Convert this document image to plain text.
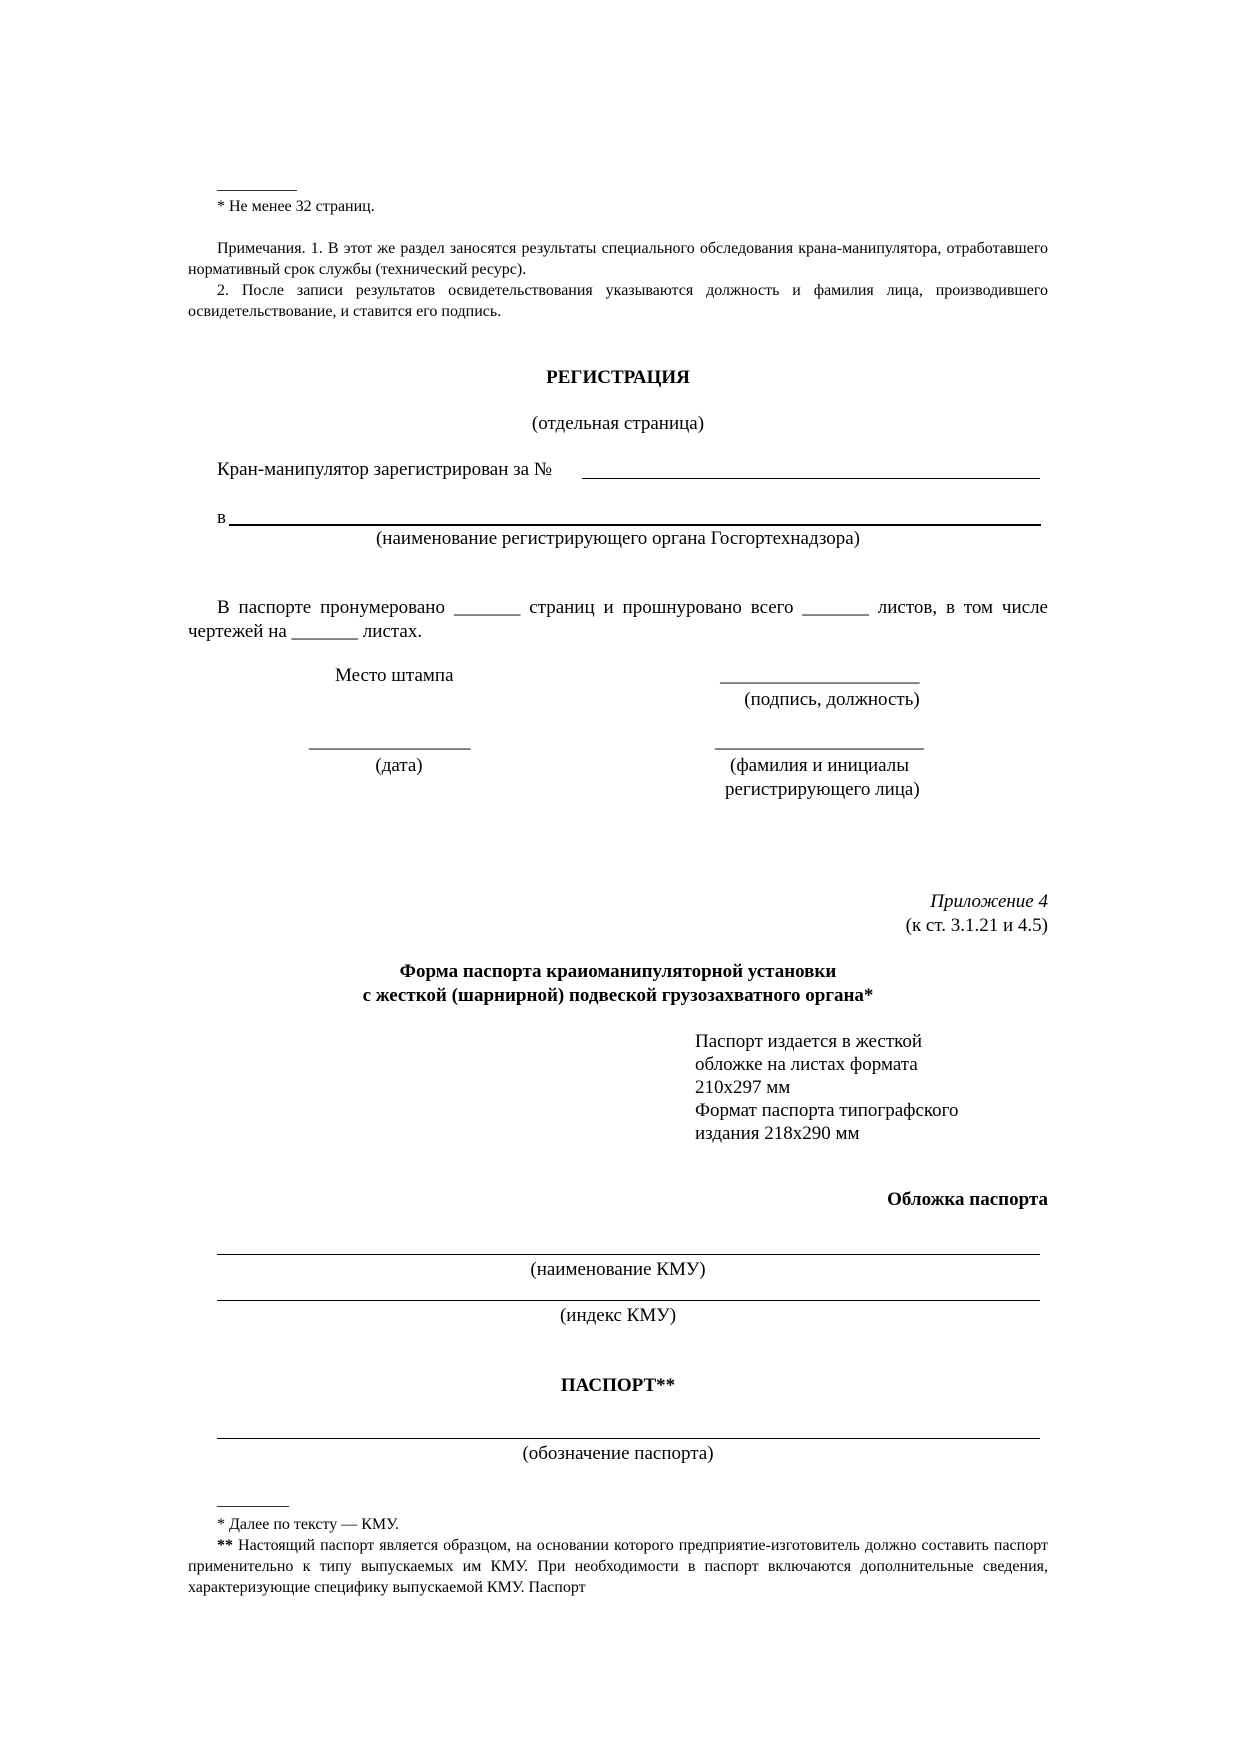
__________
* Не менее 32 страниц.
Примечания. 1. В этот же раздел заносятся результаты специального обследования крана-манипулятора, отработавшего нормативный срок службы (технический ресурс).
2. После записи результатов освидетельствования указываются должность и фамилия лица, производившего освидетельствование, и ставится его подпись.
РЕГИСТРАЦИЯ
(отдельная страница)
Кран-манипулятор зарегистрирован за №
в
(наименование регистрирующего органа Госгортехнадзора)
В паспорте пронумеровано _______ страниц и прошнуровано всего _______ листов, в том числе чертежей на _______ листах.
Место штампа	_____________________
(подпись, должность)
_________________	______________________
(дата)	(фамилия и инициалы
регистрирующего лица)
Приложение 4
(к ст. 3.1.21 и 4.5)
Форма паспорта краиоманипуляторной установки
с жесткой (шарнирной) подвеской грузозахватного органа*
Паспорт издается в жесткой
обложке на листах формата
210х297 мм
Формат паспорта типографского
издания 218х290 мм
Обложка паспорта
(наименование КМУ)
(индекс КМУ)
ПАСПОРТ**
(обозначение паспорта)
_________
* Далее по тексту — КМУ.
** Настоящий паспорт является образцом, на основании которого предприятие-изготовитель должно составить паспорт применительно к типу выпускаемых им КМУ. При необходимости в паспорт включаются дополнительные сведения, характеризующие специфику выпускаемой КМУ. Паспорт
